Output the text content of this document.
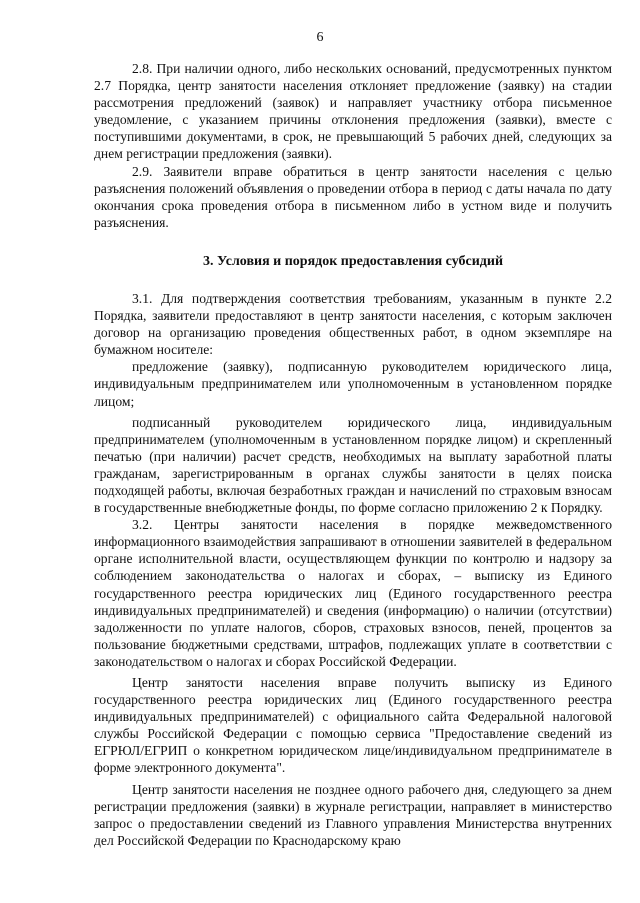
6

2.8. При наличии одного, либо нескольких оснований, предусмотренных пунктом 2.7 Порядка, центр занятости населения отклоняет предложение (заявку) на стадии рассмотрения предложений (заявок) и направляет участнику отбора письменное уведомление, с указанием причины отклонения предложения (заявки), вместе с поступившими документами, в срок, не превышающий 5 рабочих дней, следующих за днем регистрации предложения (заявки).

2.9. Заявители вправе обратиться в центр занятости населения с целью разъяснения положений объявления о проведении отбора в период с даты начала по дату окончания срока проведения отбора в письменном либо в устном виде и получить разъяснения.

3. Условия и порядок предоставления субсидий

3.1. Для подтверждения соответствия требованиям, указанным в пункте 2.2 Порядка, заявители предоставляют в центр занятости населения, с которым заключен договор на организацию проведения общественных работ, в одном экземпляре на бумажном носителе:

предложение (заявку), подписанную руководителем юридического лица, индивидуальным предпринимателем или уполномоченным в установленном порядке лицом;

подписанный руководителем юридического лица, индивидуальным предпринимателем (уполномоченным в установленном порядке лицом) и скрепленный печатью (при наличии) расчет средств, необходимых на выплату заработной платы гражданам, зарегистрированным в органах службы занятости в целях поиска подходящей работы, включая безработных граждан и начислений по страховым взносам в государственные внебюджетные фонды, по форме согласно приложению 2 к Порядку.

3.2. Центры занятости населения в порядке межведомственного информационного взаимодействия запрашивают в отношении заявителей в федеральном органе исполнительной власти, осуществляющем функции по контролю и надзору за соблюдением законодательства о налогах и сборах, – выписку из Единого государственного реестра юридических лиц (Единого государственного реестра индивидуальных предпринимателей) и сведения (информацию) о наличии (отсутствии) задолженности по уплате налогов, сборов, страховых взносов, пеней, процентов за пользование бюджетными средствами, штрафов, подлежащих уплате в соответствии с законодательством о налогах и сборах Российской Федерации.

Центр занятости населения вправе получить выписку из Единого государственного реестра юридических лиц (Единого государственного реестра индивидуальных предпринимателей) с официального сайта Федеральной налоговой службы Российской Федерации с помощью сервиса "Предоставление сведений из ЕГРЮЛ/ЕГРИП о конкретном юридическом лице/индивидуальном предпринимателе в форме электронного документа".

Центр занятости населения не позднее одного рабочего дня, следующего за днем регистрации предложения (заявки) в журнале регистрации, направляет в министерство запрос о предоставлении сведений из Главного управления Министерства внутренних дел Российской Федерации по Краснодарскому краю
